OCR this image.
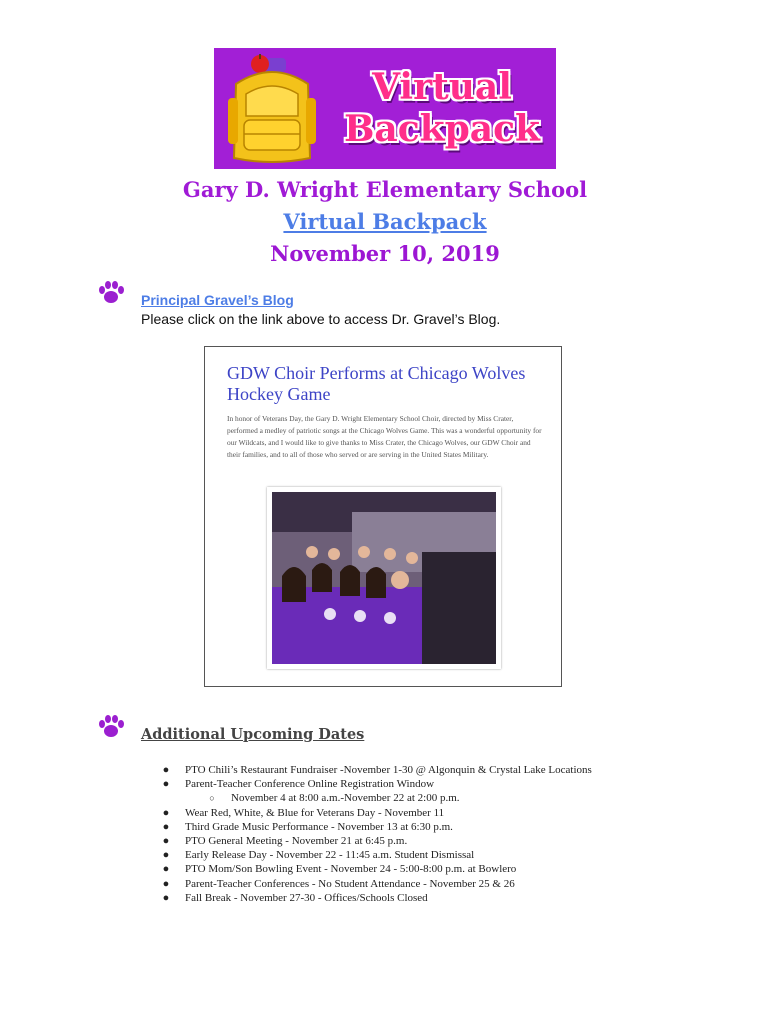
Virtual
Backpack
Gary D. Wright Elementary School
Virtual Backpack
November 10, 2019
Principal Gravel’s Blog
Please click on the link above to access Dr. Gravel’s Blog.
GDW Choir Performs at Chicago Wolves Hockey Game
In honor of Veterans Day, the Gary D. Wright Elementary School Choir, directed by Miss Crater, performed a medley of patriotic songs at the Chicago Wolves Game. This was a wonderful opportunity for our Wildcats, and I would like to give thanks to Miss Crater, the Chicago Wolves, our GDW Choir and their families, and to all of those who served or are serving in the United States Military.
Additional Upcoming Dates
● PTO Chili’s Restaurant Fundraiser -November 1-30 @ Algonquin & Crystal Lake Locations
● Parent-Teacher Conference Online Registration Window
○ November 4 at 8:00 a.m.-November 22 at 2:00 p.m.
● Wear Red, White, & Blue for Veterans Day - November 11
● Third Grade Music Performance - November 13 at 6:30 p.m.
● PTO General Meeting - November 21 at 6:45 p.m.
● Early Release Day - November 22 - 11:45 a.m. Student Dismissal
● PTO Mom/Son Bowling Event - November 24 - 5:00-8:00 p.m. at Bowlero
● Parent-Teacher Conferences - No Student Attendance - November 25 & 26
● Fall Break - November 27-30 - Offices/Schools Closed
